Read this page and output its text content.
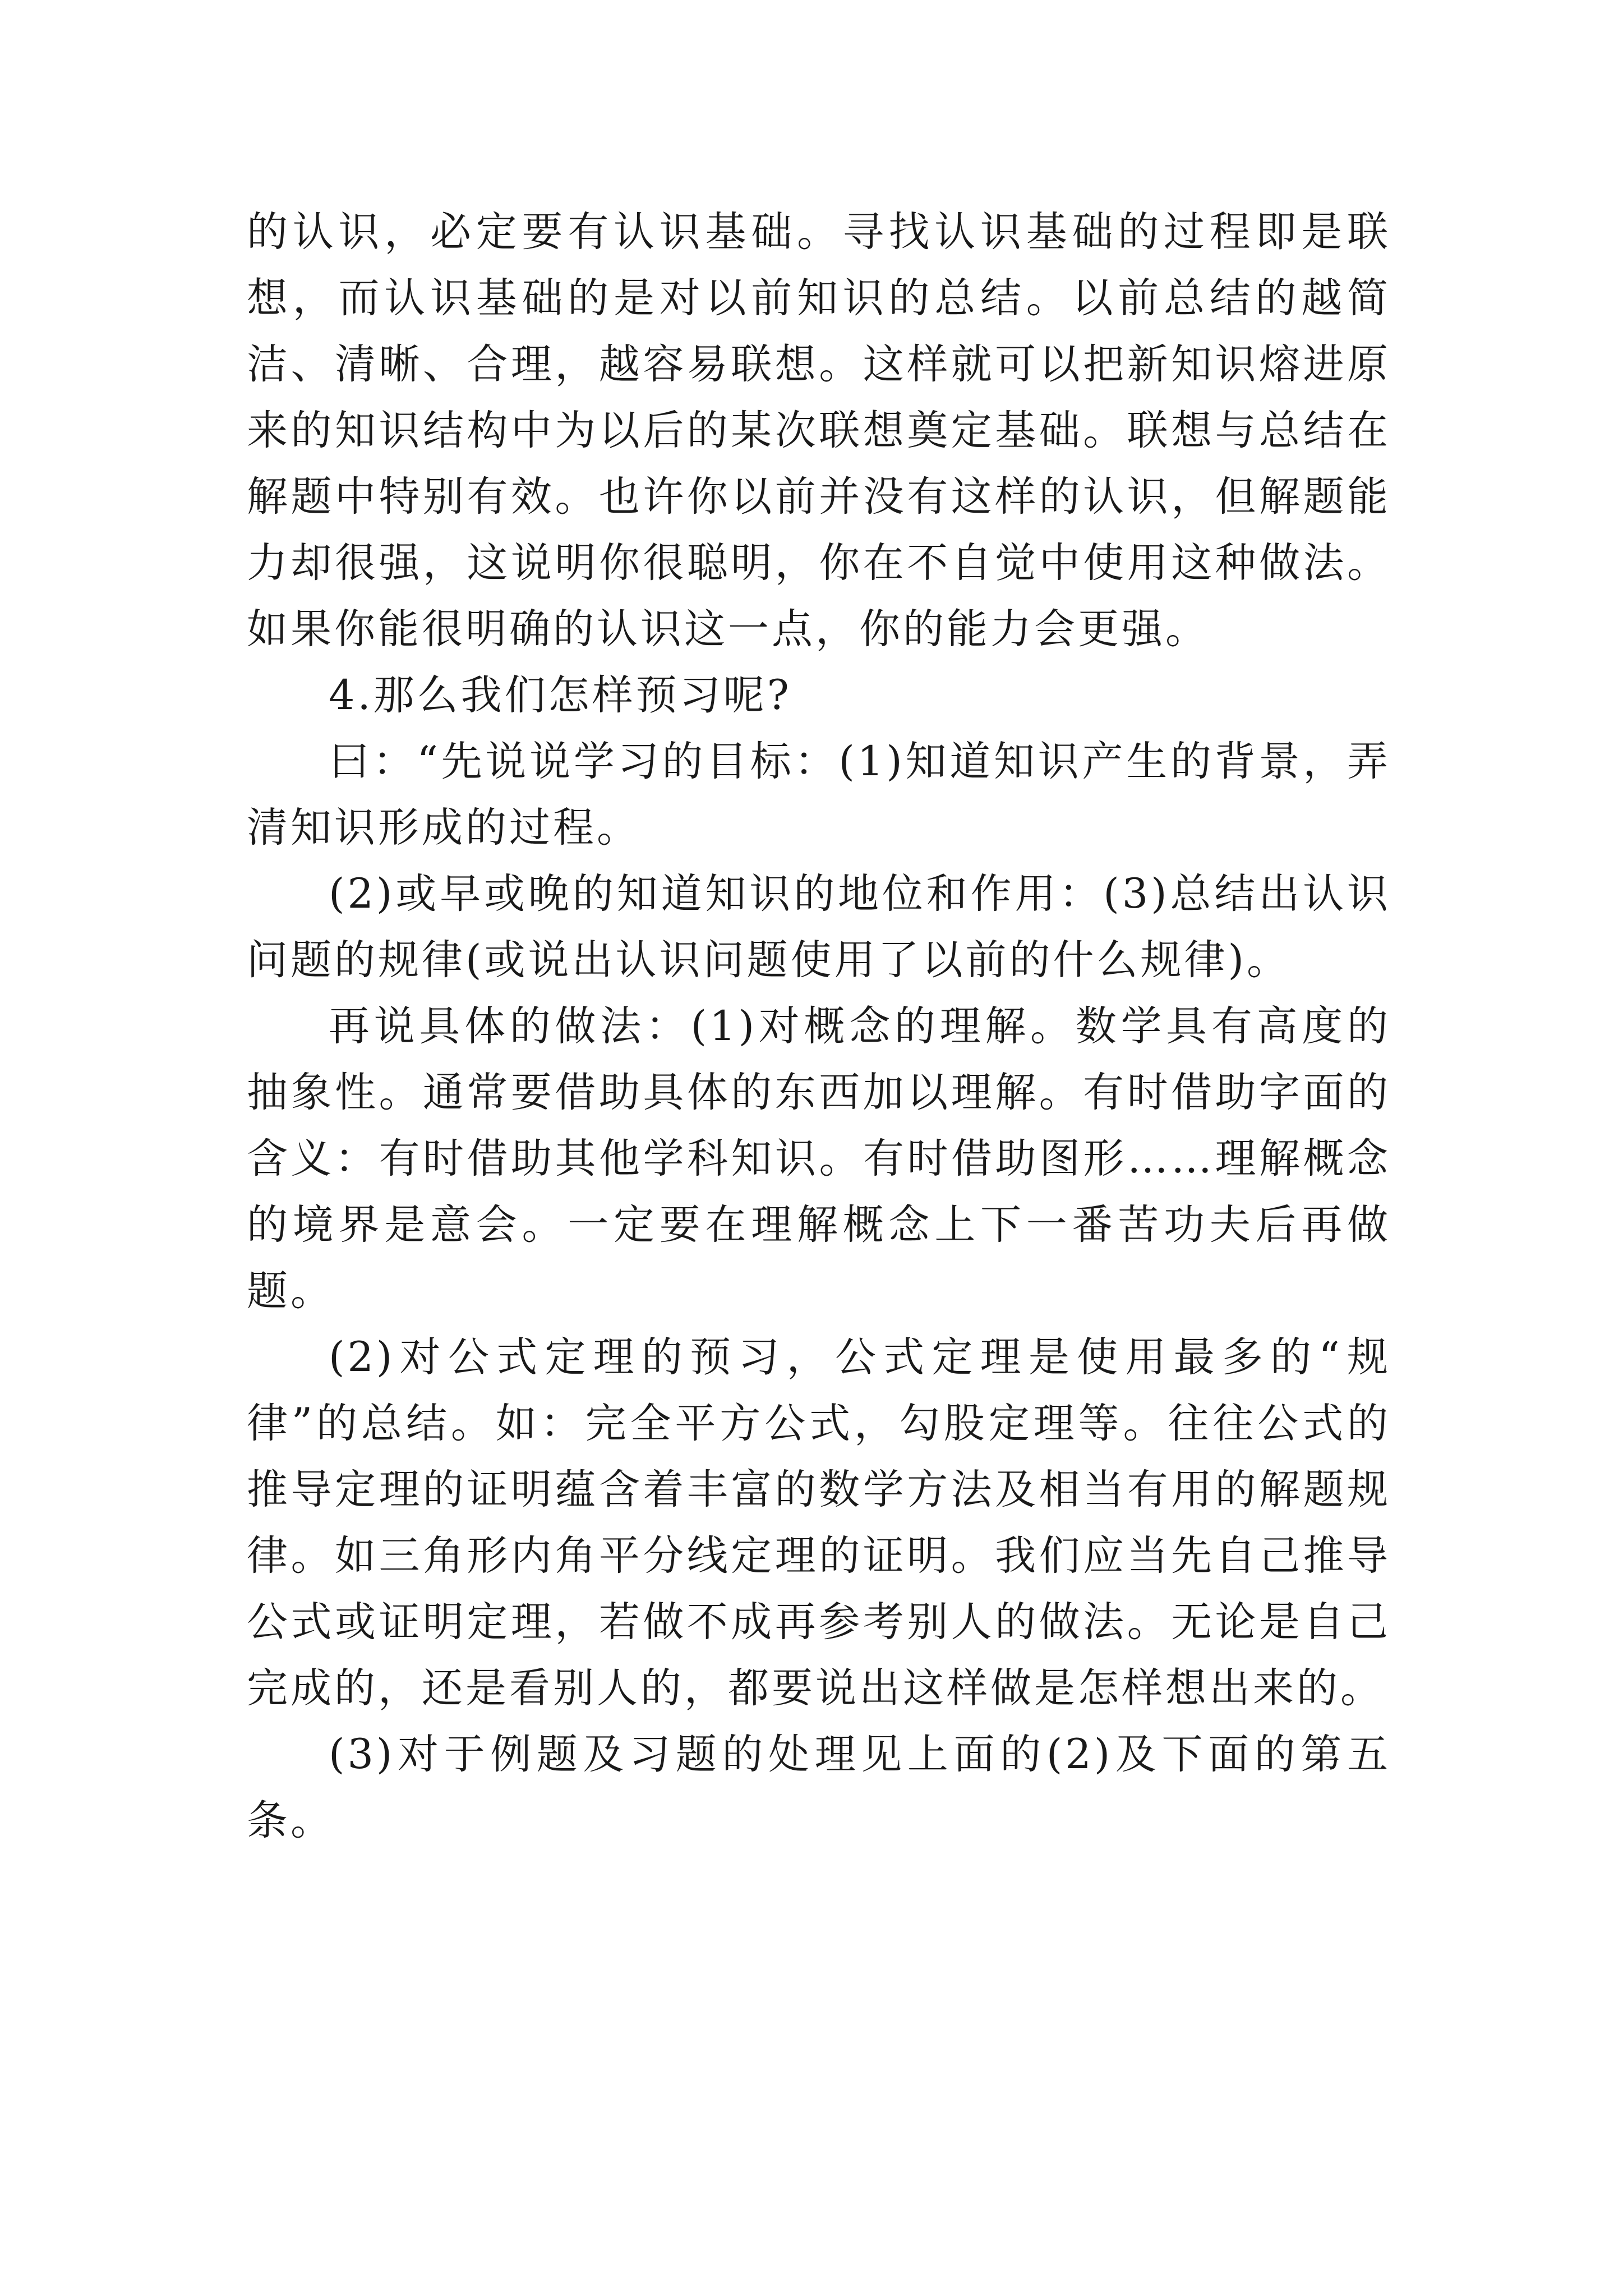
的认识，必定要有认识基础。寻找认识基础的过程即是联想，而认识基础的是对以前知识的总结。以前总结的越简洁、清晰、合理，越容易联想。这样就可以把新知识熔进原来的知识结构中为以后的某次联想奠定基础。联想与总结在解题中特别有效。也许你以前并没有这样的认识，但解题能力却很强，这说明你很聪明，你在不自觉中使用这种做法。如果你能很明确的认识这一点，你的能力会更强。

4.那么我们怎样预习呢?

曰：“先说说学习的目标：(1)知道知识产生的背景，弄清知识形成的过程。

(2)或早或晚的知道知识的地位和作用：(3)总结出认识问题的规律(或说出认识问题使用了以前的什么规律)。

再说具体的做法：(1)对概念的理解。数学具有高度的抽象性。通常要借助具体的东西加以理解。有时借助字面的含义：有时借助其他学科知识。有时借助图形……理解概念的境界是意会。一定要在理解概念上下一番苦功夫后再做题。

(2)对公式定理的预习，公式定理是使用最多的“规律”的总结。如：完全平方公式，勾股定理等。往往公式的推导定理的证明蕴含着丰富的数学方法及相当有用的解题规律。如三角形内角平分线定理的证明。我们应当先自己推导公式或证明定理，若做不成再参考别人的做法。无论是自己完成的，还是看别人的，都要说出这样做是怎样想出来的。

(3)对于例题及习题的处理见上面的(2)及下面的第五条。
